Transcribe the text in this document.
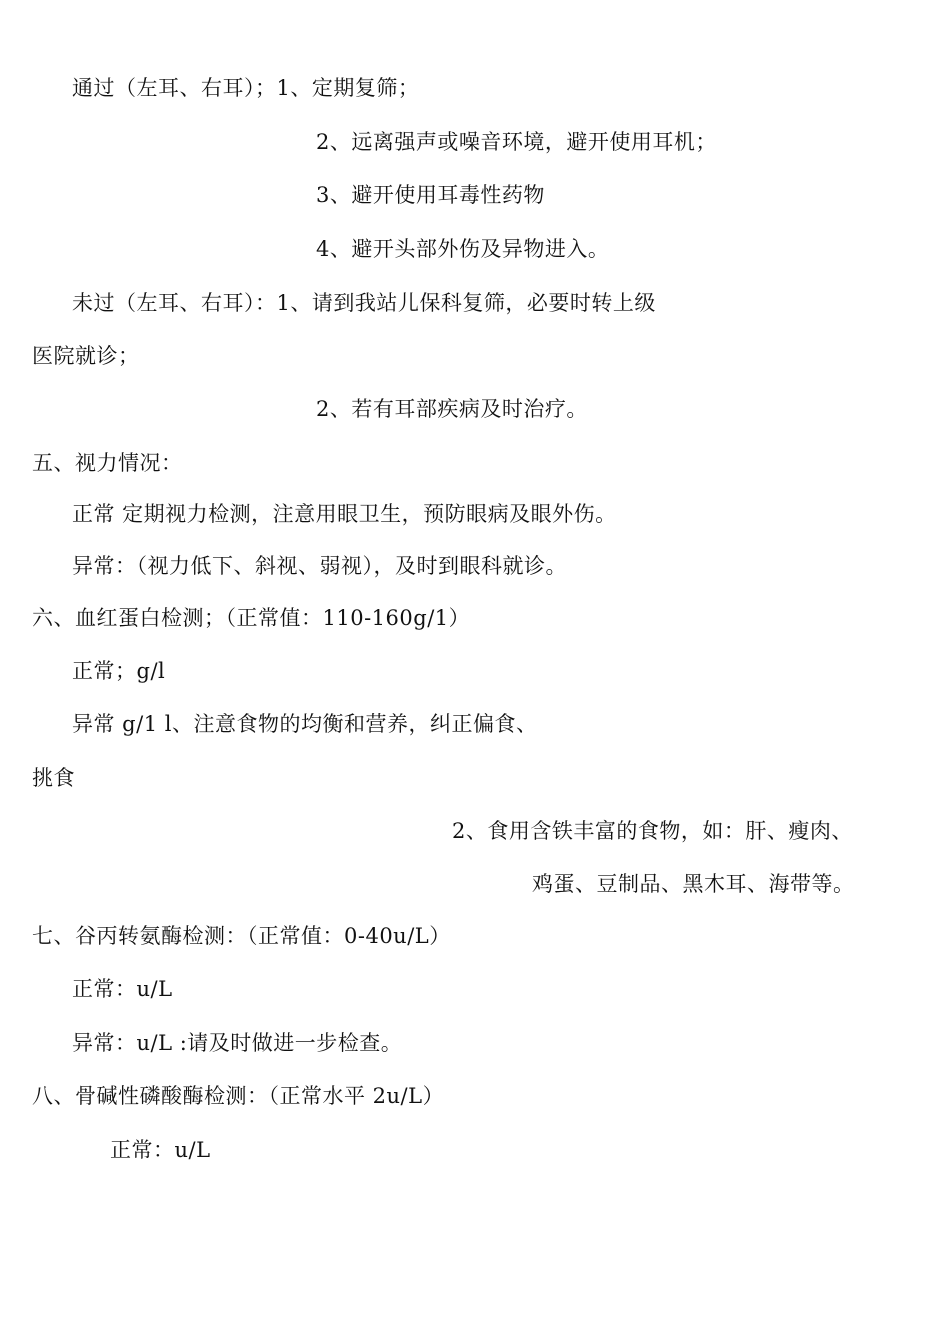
通过（左耳、右耳）；1、定期复筛；
2、远离强声或噪音环境，避开使用耳机；
3、避开使用耳毒性药物
4、避开头部外伤及异物进入。
未过（左耳、右耳）：1、请到我站儿保科复筛，必要时转上级
医院就诊；
2、若有耳部疾病及时治疗。
五、视力情况：
正常 定期视力检测，注意用眼卫生，预防眼病及眼外伤。
异常：（视力低下、斜视、弱视），及时到眼科就诊。
六、血红蛋白检测；（正常值：110-160g/1）
正常；g/l
异常 g/1 l、注意食物的均衡和营养，纠正偏食、
挑食
2、食用含铁丰富的食物，如：肝、瘦肉、
鸡蛋、豆制品、黑木耳、海带等。
七、谷丙转氨酶检测：（正常值：0-40u/L）
正常：u/L
异常：u/L :请及时做进一步检查。
八、骨碱性磷酸酶检测：（正常水平 2u/L）
正常：u/L
